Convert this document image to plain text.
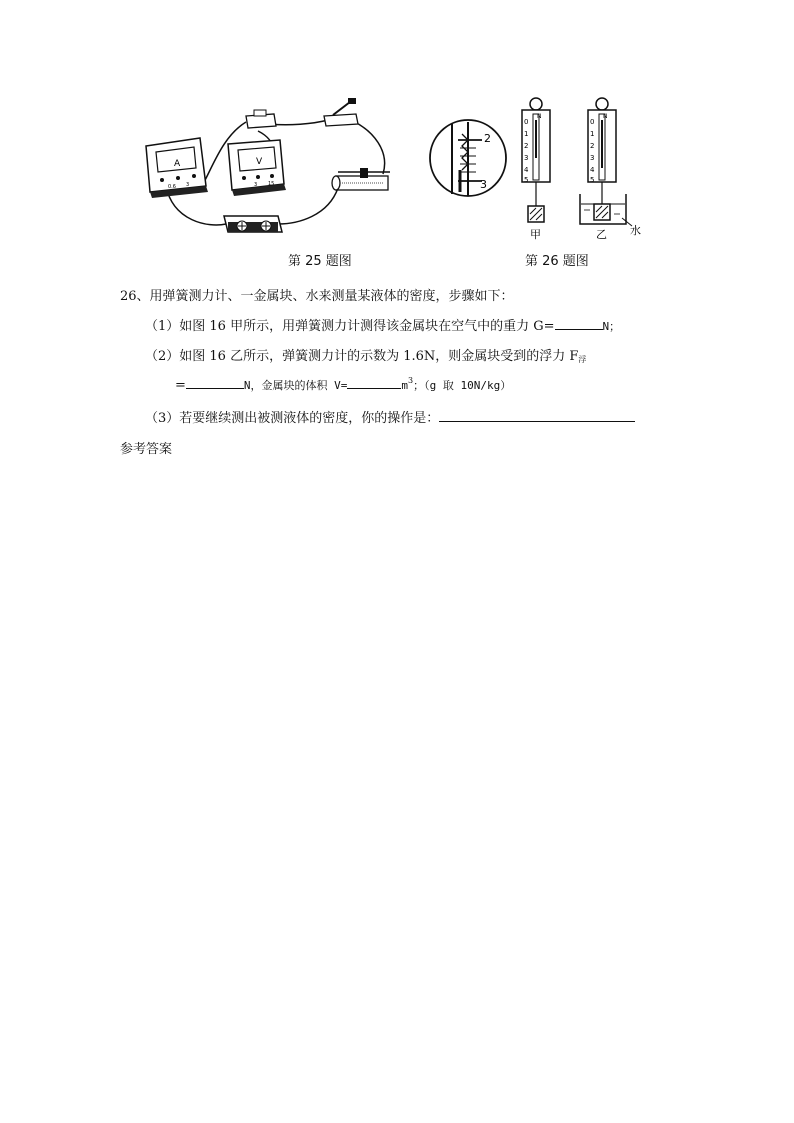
A
0.6 3
V
3 15
第 25 题图
2
3
N
0
1
2
3
4
5
甲
N
0
1
2
3
4
5
乙 水
第 26 题图
26、用弹簧测力计、一金属块、水来测量某液体的密度，步骤如下：
（1）如图 16 甲所示，用弹簧测力计测得该金属块在空气中的重力 G=	N；
（2）如图 16 乙所示，弹簧测力计的示数为 1.6N，则金属块受到的浮力 $F_浮$
=	N，金属块的体积 V=	$m^3$；（g 取 10N/kg）
（3）若要继续测出被测液体的密度，你的操作是：
参考答案
